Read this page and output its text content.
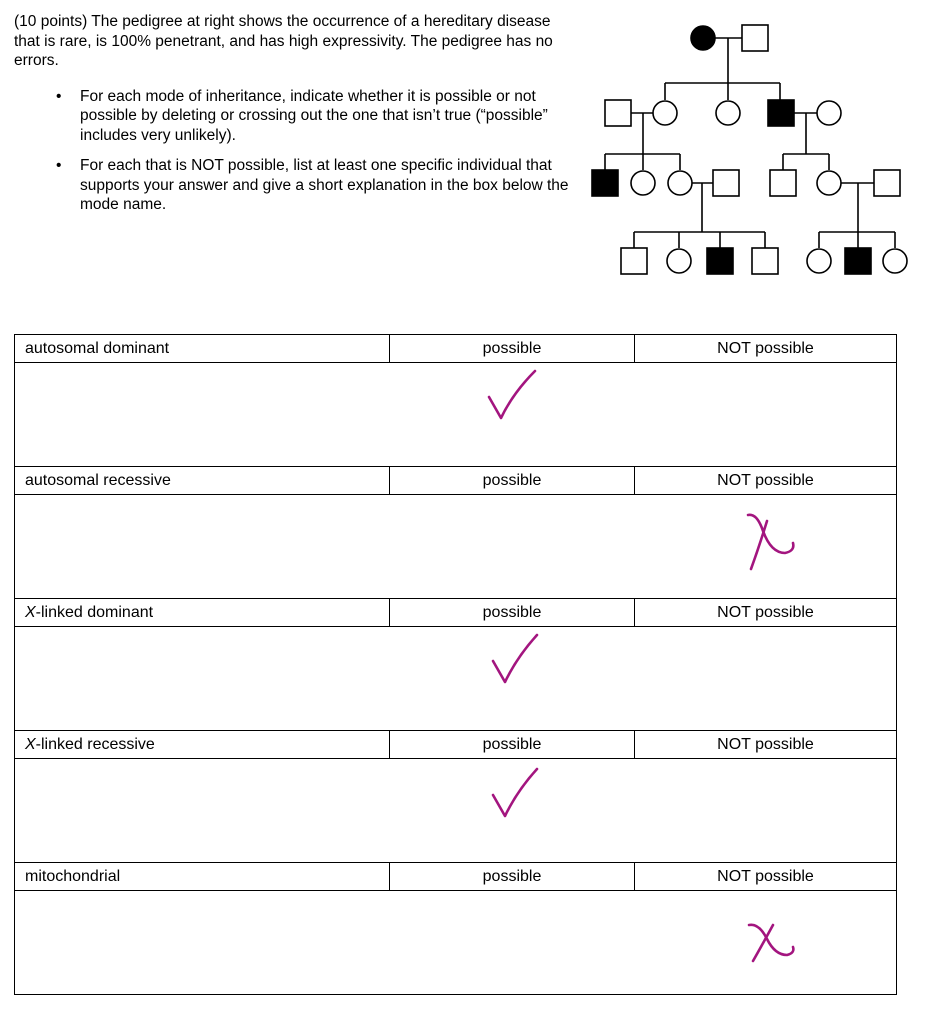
(10 points) The pedigree at right shows the occurrence of a hereditary disease that is rare, is 100% penetrant, and has high expressivity. The pedigree has no errors.

• For each mode of inheritance, indicate whether it is possible or not possible by deleting or crossing out the one that isn’t true (“possible” includes very unlikely).
• For each that is NOT possible, list at least one specific individual that supports your answer and give a short explanation in the box below the mode name.
autosomal dominant	possible	NOT possible

autosomal recessive	possible	NOT possible

X-linked dominant	possible	NOT possible

X-linked recessive	possible	NOT possible

mitochondrial	possible	NOT possible
